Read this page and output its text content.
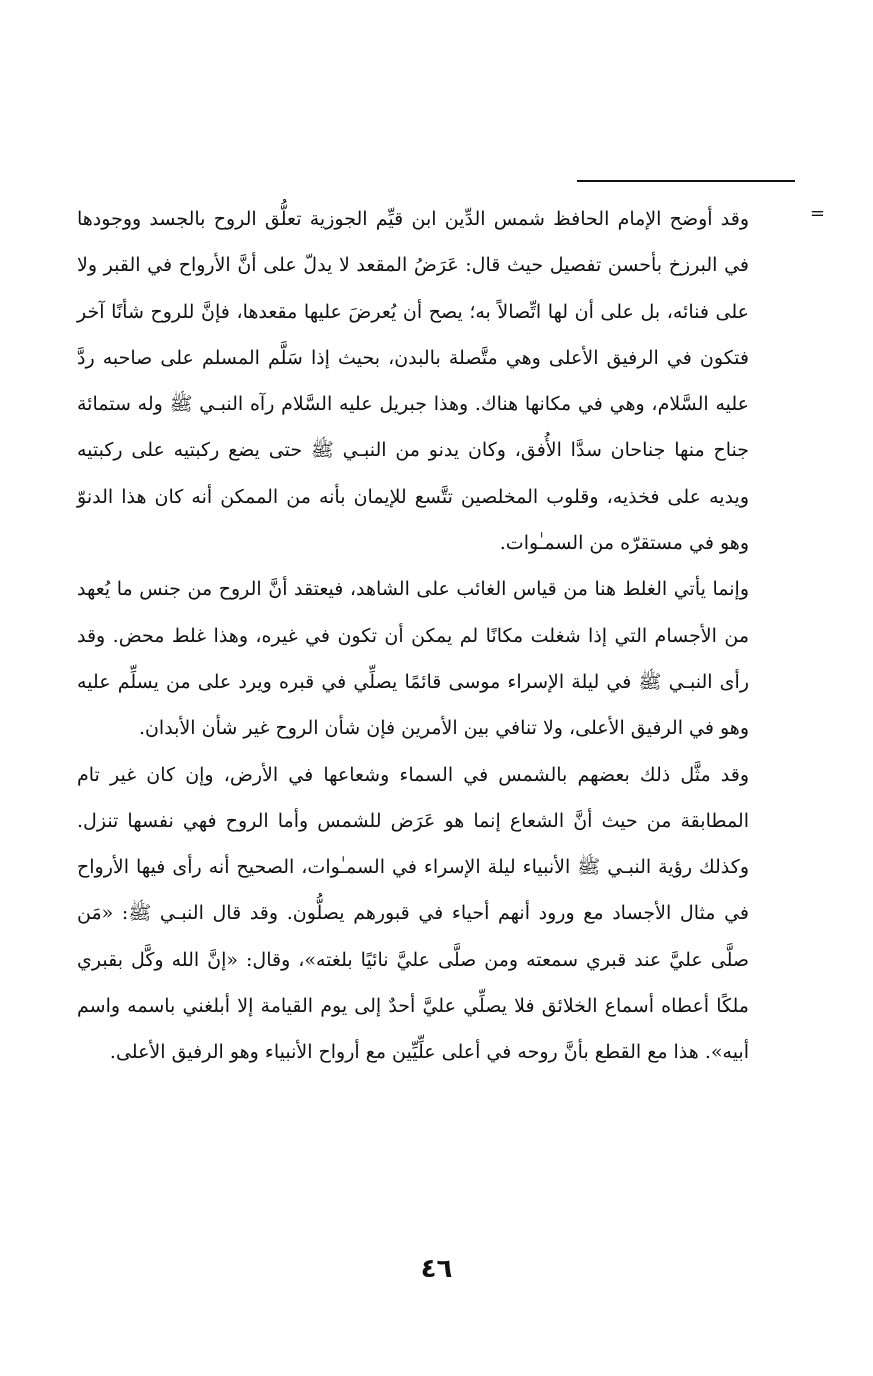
=

وقد أوضح الإمام الحافظ شمس الدِّين ابن قيِّم الجوزية تعلُّق الروح بالجسد ووجودها في البرزخ بأحسن تفصيل حيث قال: عَرَضُ المقعد لا يدلّ على أنَّ الأرواح في القبر ولا على فنائه، بل على أن لها اتِّصالاً به؛ يصح أن يُعرضَ عليها مقعدها، فإنَّ للروح شأنًا آخر فتكون في الرفيق الأعلى وهي متَّصلة بالبدن، بحيث إذا سَلَّم المسلم على صاحبه ردَّ عليه السَّلام، وهي في مكانها هناك. وهذا جبريل عليه السَّلام رآه النبـي ﷺ وله ستمائة جناح منها جناحان سدَّا الأُفق، وكان يدنو من النبـي ﷺ حتى يضع ركبتيه على ركبتيه ويديه على فخذيه، وقلوب المخلصين تتَّسع للإيمان بأنه من الممكن أنه كان هذا الدنوّ وهو في مستقرّه من السمـٰوات.

وإنما يأتي الغلط هنا من قياس الغائب على الشاهد، فيعتقد أنَّ الروح من جنس ما يُعهد من الأجسام التي إذا شغلت مكانًا لم يمكن أن تكون في غيره، وهذا غلط محض. وقد رأى النبـي ﷺ في ليلة الإسراء موسى قائمًا يصلِّي في قبره ويرد على من يسلِّم عليه وهو في الرفيق الأعلى، ولا تنافي بين الأمرين فإن شأن الروح غير شأن الأبدان.

وقد مثَّل ذلك بعضهم بالشمس في السماء وشعاعها في الأرض، وإن كان غير تام المطابقة من حيث أنَّ الشعاع إنما هو عَرَض للشمس وأما الروح فهي نفسها تنزل. وكذلك رؤية النبـي ﷺ الأنبياء ليلة الإسراء في السمـٰوات، الصحيح أنه رأى فيها الأرواح في مثال الأجساد مع ورود أنهم أحياء في قبورهم يصلُّون. وقد قال النبـي ﷺ: «مَن صلَّى عليَّ عند قبري سمعته ومن صلَّى عليَّ نائيًا بلغته»، وقال: «إنَّ الله وكَّل بقبري ملكًا أعطاه أسماع الخلائق فلا يصلِّي عليَّ أحدٌ إلى يوم القيامة إلا أبلغني باسمه واسم أبيه». هذا مع القطع بأنَّ روحه في أعلى علِّيِّين مع أرواح الأنبياء وهو الرفيق الأعلى.

٤٦
